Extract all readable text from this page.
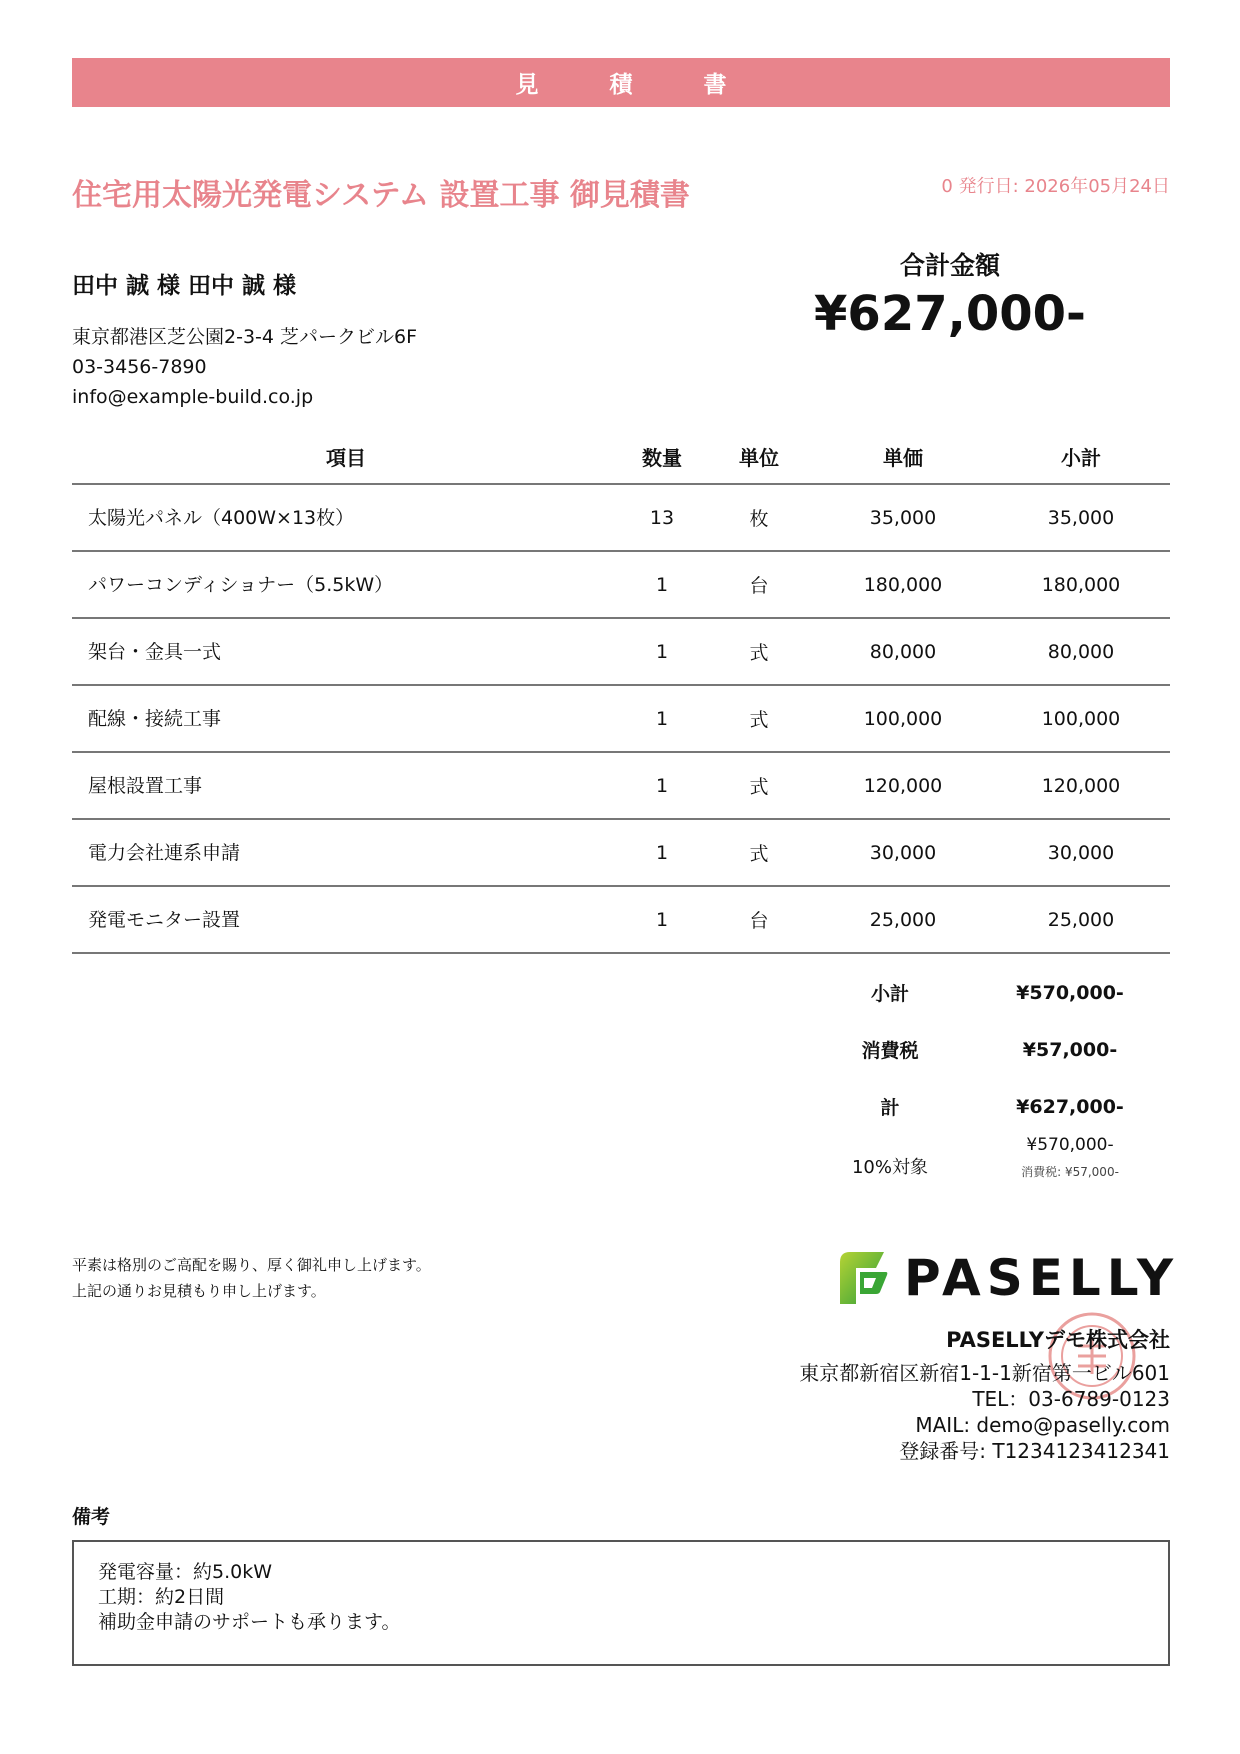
見　積　書
住宅用太陽光発電システム 設置工事 御見積書	0 発行日: 2026年05月24日
田中 誠 様 田中 誠 様
東京都港区芝公園2-3-4 芝パークビル6F
03-3456-7890
info@example-build.co.jp
合計金額
¥627,000-
項目	数量	単位	単価	小計
太陽光パネル（400W×13枚）	13	枚	35,000	35,000
パワーコンディショナー（5.5kW）	1	台	180,000	180,000
架台・金具一式	1	式	80,000	80,000
配線・接続工事	1	式	100,000	100,000
屋根設置工事	1	式	120,000	120,000
電力会社連系申請	1	式	30,000	30,000
発電モニター設置	1	台	25,000	25,000
小計	¥570,000-
消費税	¥57,000-
計	¥627,000-
10%対象
¥570,000-
消費税: ¥57,000-
平素は格別のご高配を賜り、厚く御礼申し上げます。
上記の通りお見積もり申し上げます。	PASELLY
PASELLYデモ株式会社
東京都新宿区新宿1-1-1新宿第一ビル601
TEL：03-6789-0123
MAIL: demo@paselly.com
登録番号: T1234123412341
備考
発電容量：約5.0kW
工期：約2日間
補助金申請のサポートも承ります。
